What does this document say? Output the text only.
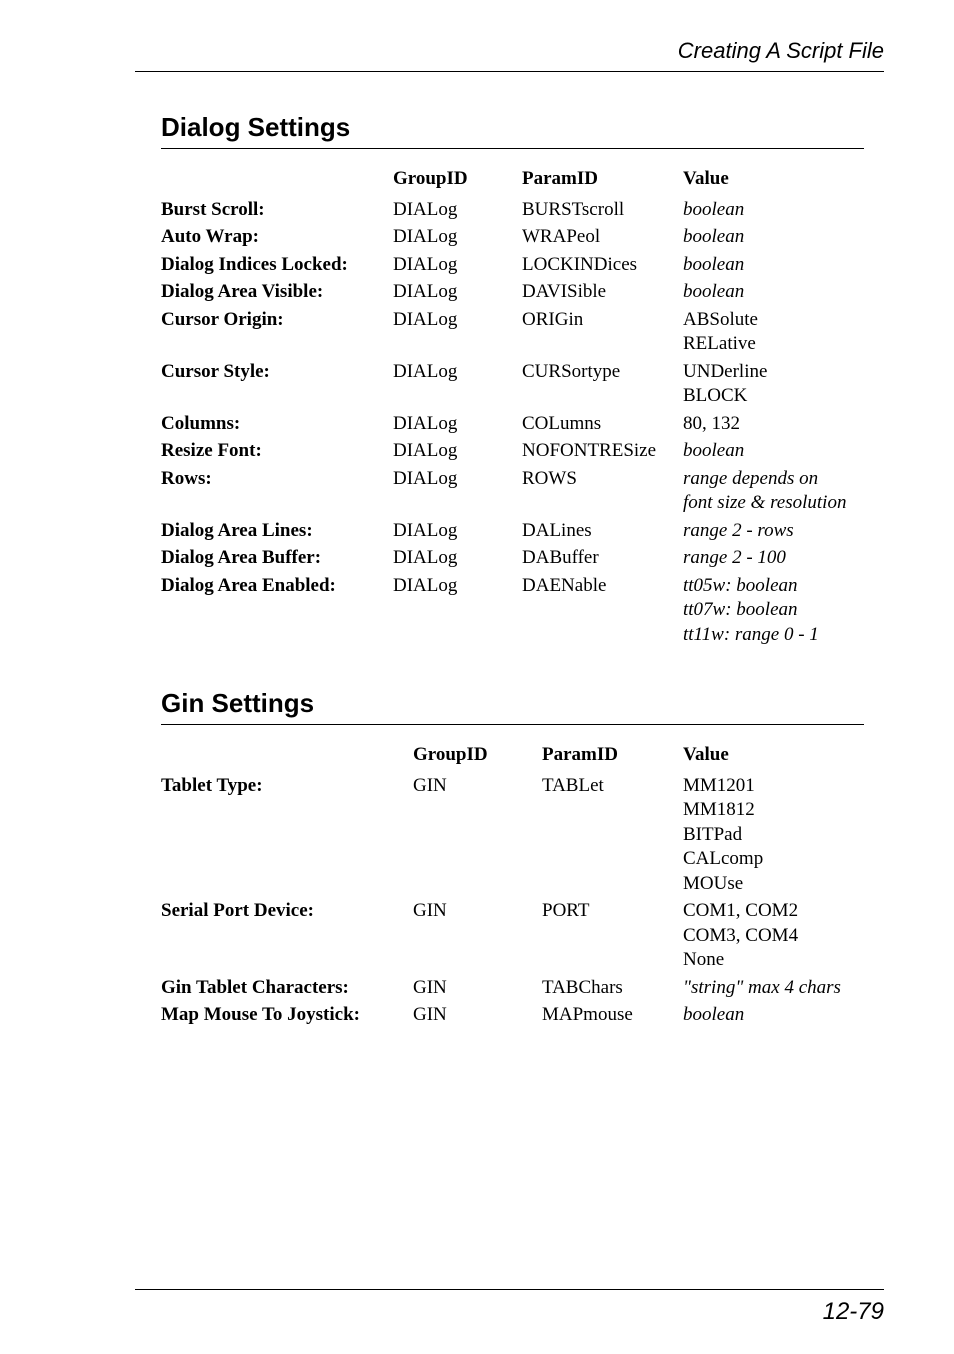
Creating A Script File
Dialog Settings
	GroupID	ParamID	Value
Burst Scroll:	DIALog	BURSTscroll	boolean

Auto Wrap:	DIALog	WRAPeol	boolean

Dialog Indices Locked:	DIALog	LOCKINDices	boolean

Dialog Area Visible:	DIALog	DAVISible	boolean

Cursor Origin:	DIALog	ORIGin	ABSolute
RELative

Cursor Style:	DIALog	CURSortype	UNDerline
BLOCK

Columns:	DIALog	COLumns	80, 132

Resize Font:	DIALog	NOFONTRESize	boolean

Rows:	DIALog	ROWS	range depends on
font size & resolution

Dialog Area Lines:	DIALog	DALines	range 2 - rows

Dialog Area Buffer:	DIALog	DABuffer	range 2 - 100

Dialog Area Enabled:	DIALog	DAENable	tt05w: boolean
tt07w: boolean
tt11w: range 0 - 1
Gin Settings
	GroupID	ParamID	Value
Tablet Type:	GIN	TABLet	MM1201
MM1812
BITPad
CALcomp
MOUse

Serial Port Device:	GIN	PORT	COM1, COM2
COM3, COM4
None

Gin Tablet Characters:	GIN	TABChars	"string" max 4 chars

Map Mouse To Joystick:	GIN	MAPmouse	boolean
12-79
